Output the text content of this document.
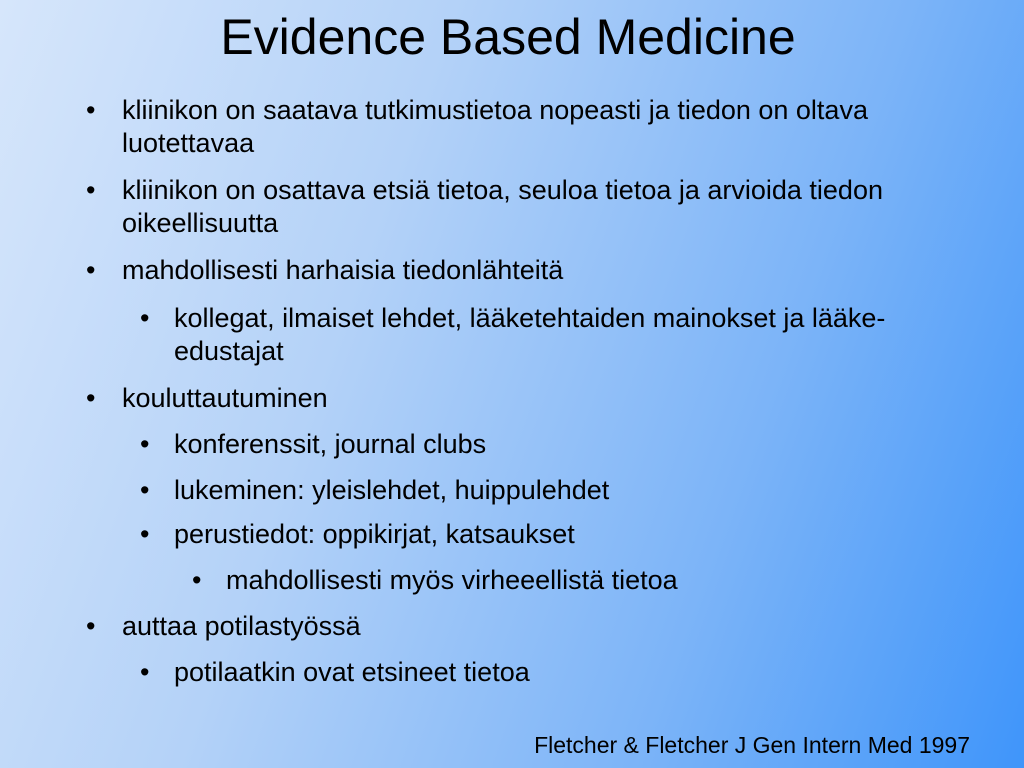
Evidence Based Medicine
• kliinikon on saatava tutkimustietoa nopeasti ja tiedon on oltava luotettavaa
• kliinikon on osattava etsiä tietoa, seuloa tietoa ja arvioida tiedon oikeellisuutta
• mahdollisesti harhaisia tiedonlähteitä
• kollegat, ilmaiset lehdet, lääketehtaiden mainokset ja lääke-edustajat
• kouluttautuminen
• konferenssit, journal clubs
• lukeminen: yleislehdet, huippulehdet
• perustiedot: oppikirjat, katsaukset
• mahdollisesti myös virheeellistä tietoa
• auttaa potilastyössä
• potilaatkin ovat etsineet tietoa
Fletcher & Fletcher J Gen Intern Med 1997
